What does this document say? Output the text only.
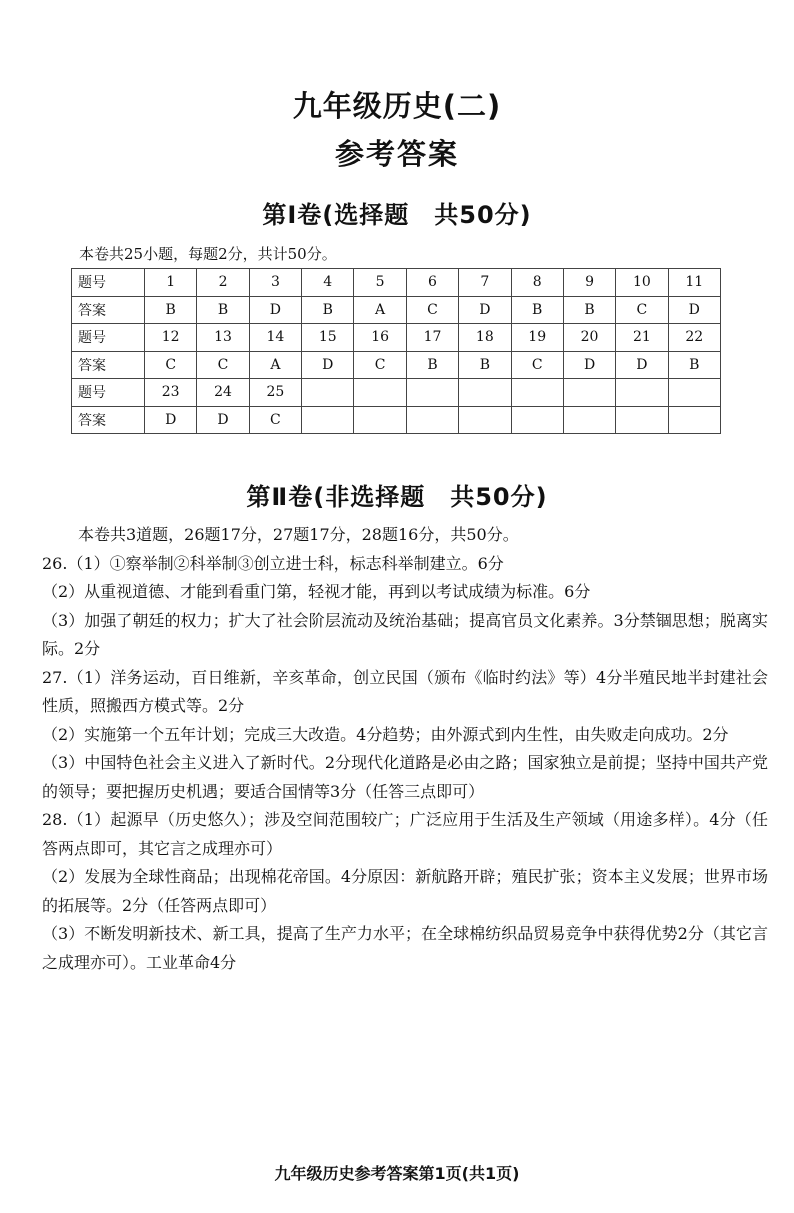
九年级历史(二)
参考答案
第Ⅰ卷(选择题　共50分)
本卷共25小题，每题2分，共计50分。
题号	1	2	3	4	5	6	7	8	9	10	11
答案	B	B	D	B	A	C	D	B	B	C	D
题号	12	13	14	15	16	17	18	19	20	21	22
答案	C	C	A	D	C	B	B	C	D	D	B
题号	23	24	25								
答案	D	D	C								
第Ⅱ卷(非选择题　共50分)

本卷共3道题，26题17分，27题17分，28题16分，共50分。

26.（1）①察举制②科举制③创立进士科，标志科举制建立。6分

（2）从重视道德、才能到看重门第，轻视才能，再到以考试成绩为标准。6分

（3）加强了朝廷的权力；扩大了社会阶层流动及统治基础；提高官员文化素养。3分禁锢思想；脱离实际。2分

27.（1）洋务运动，百日维新，辛亥革命，创立民国（颁布《临时约法》等）4分半殖民地半封建社会性质，照搬西方模式等。2分

（2）实施第一个五年计划；完成三大改造。4分趋势；由外源式到内生性，由失败走向成功。2分

（3）中国特色社会主义进入了新时代。2分现代化道路是必由之路；国家独立是前提；坚持中国共产党的领导；要把握历史机遇；要适合国情等3分（任答三点即可）

28.（1）起源早（历史悠久）；涉及空间范围较广；广泛应用于生活及生产领域（用途多样）。4分（任答两点即可，其它言之成理亦可）

（2）发展为全球性商品；出现棉花帝国。4分原因：新航路开辟；殖民扩张；资本主义发展；世界市场的拓展等。2分（任答两点即可）

（3）不断发明新技术、新工具，提高了生产力水平；在全球棉纺织品贸易竞争中获得优势2分（其它言之成理亦可）。工业革命4分

九年级历史参考答案第1页(共1页)
